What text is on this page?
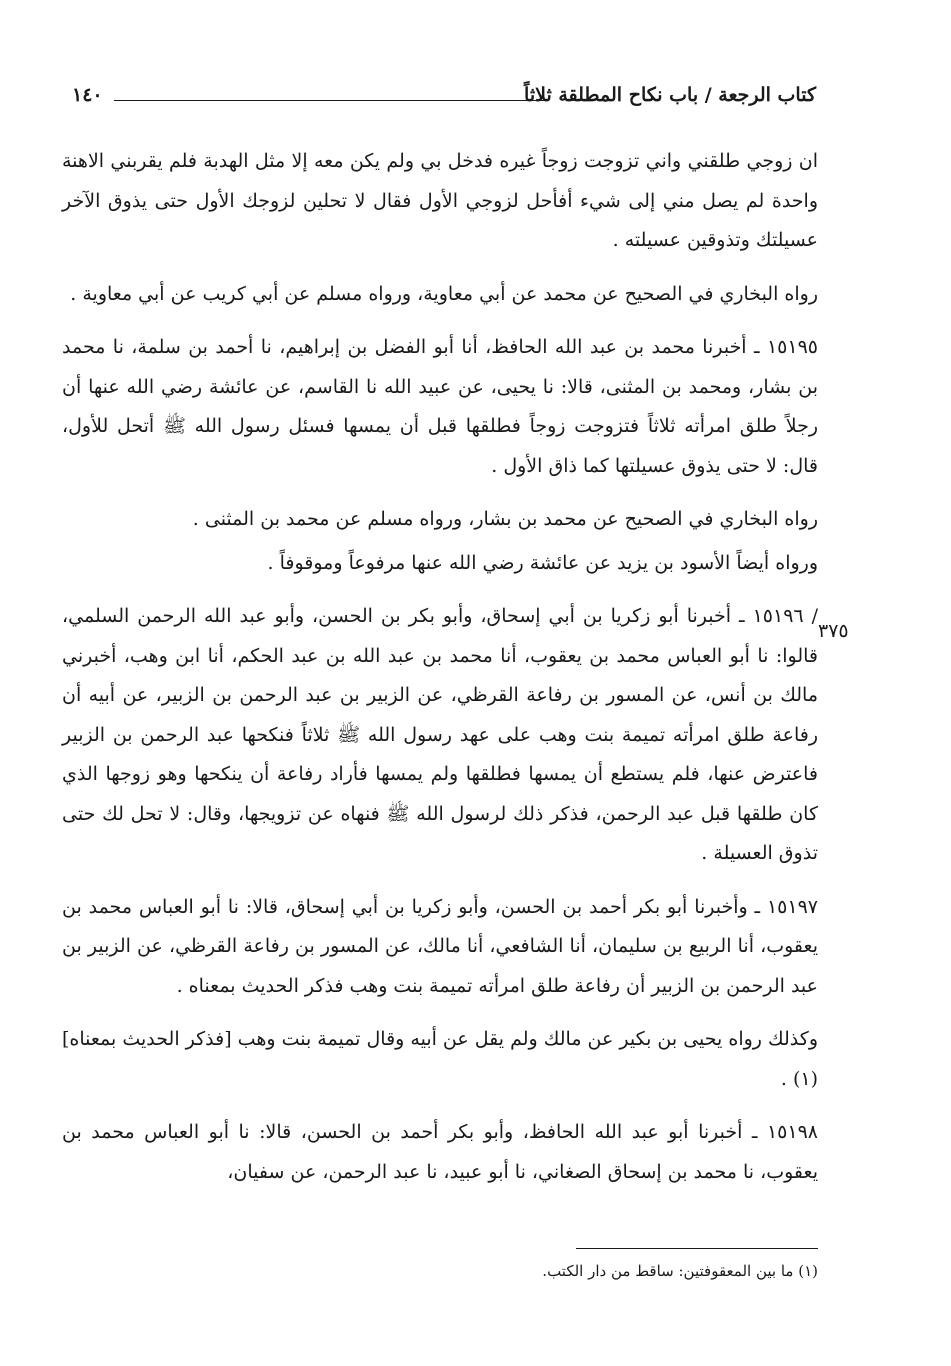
١٤٠	كتاب الرجعة / باب نكاح المطلقة ثلاثاً
٣٧٥

ان زوجي طلقني واني تزوجت زوجاً غيره فدخل بي ولم يكن معه إلا مثل الهدبة فلم يقربني الاهنة واحدة لم يصل مني إلى شيء أفأحل لزوجي الأول فقال لا تحلين لزوجك الأول حتى يذوق الآخر عسيلتك وتذوقين عسيلته .

رواه البخاري في الصحيح عن محمد عن أبي معاوية، ورواه مسلم عن أبي كريب عن أبي معاوية .

١٥١٩٥ ـ أخبرنا محمد بن عبد الله الحافظ، أنا أبو الفضل بن إبراهيم، نا أحمد بن سلمة، نا محمد بن بشار، ومحمد بن المثنى، قالا: نا يحيى، عن عبيد الله نا القاسم، عن عائشة رضي الله عنها أن رجلاً طلق امرأته ثلاثاً فتزوجت زوجاً فطلقها قبل أن يمسها فسئل رسول الله ﷺ أتحل للأول، قال: لا حتى يذوق عسيلتها كما ذاق الأول .

رواه البخاري في الصحيح عن محمد بن بشار، ورواه مسلم عن محمد بن المثنى .

ورواه أيضاً الأسود بن يزيد عن عائشة رضي الله عنها مرفوعاً وموقوفاً .

/ ١٥١٩٦ ـ أخبرنا أبو زكريا بن أبي إسحاق، وأبو بكر بن الحسن، وأبو عبد الله الرحمن السلمي، قالوا: نا أبو العباس محمد بن يعقوب، أنا محمد بن عبد الله بن عبد الحكم، أنا ابن وهب، أخبرني مالك بن أنس، عن المسور بن رفاعة القرظي، عن الزبير بن عبد الرحمن بن الزبير، عن أبيه أن رفاعة طلق امرأته تميمة بنت وهب على عهد رسول الله ﷺ ثلاثاً فنكحها عبد الرحمن بن الزبير فاعترض عنها، فلم يستطع أن يمسها فطلقها ولم يمسها فأراد رفاعة أن ينكحها وهو زوجها الذي كان طلقها قبل عبد الرحمن، فذكر ذلك لرسول الله ﷺ فنهاه عن تزويجها، وقال: لا تحل لك حتى تذوق العسيلة .

١٥١٩٧ ـ وأخبرنا أبو بكر أحمد بن الحسن، وأبو زكريا بن أبي إسحاق، قالا: نا أبو العباس محمد بن يعقوب، أنا الربيع بن سليمان، أنا الشافعي، أنا مالك، عن المسور بن رفاعة القرظي، عن الزبير بن عبد الرحمن بن الزبير أن رفاعة طلق امرأته تميمة بنت وهب فذكر الحديث بمعناه .

وكذلك رواه يحيى بن بكير عن مالك ولم يقل عن أبيه وقال تميمة بنت وهب [فذكر الحديث بمعناه](١) .

١٥١٩٨ ـ أخبرنا أبو عبد الله الحافظ، وأبو بكر أحمد بن الحسن، قالا: نا أبو العباس محمد بن يعقوب، نا محمد بن إسحاق الصغاني، نا أبو عبيد، نا عبد الرحمن، عن سفيان،

(١) ما بين المعقوفتين: ساقط من دار الكتب.
